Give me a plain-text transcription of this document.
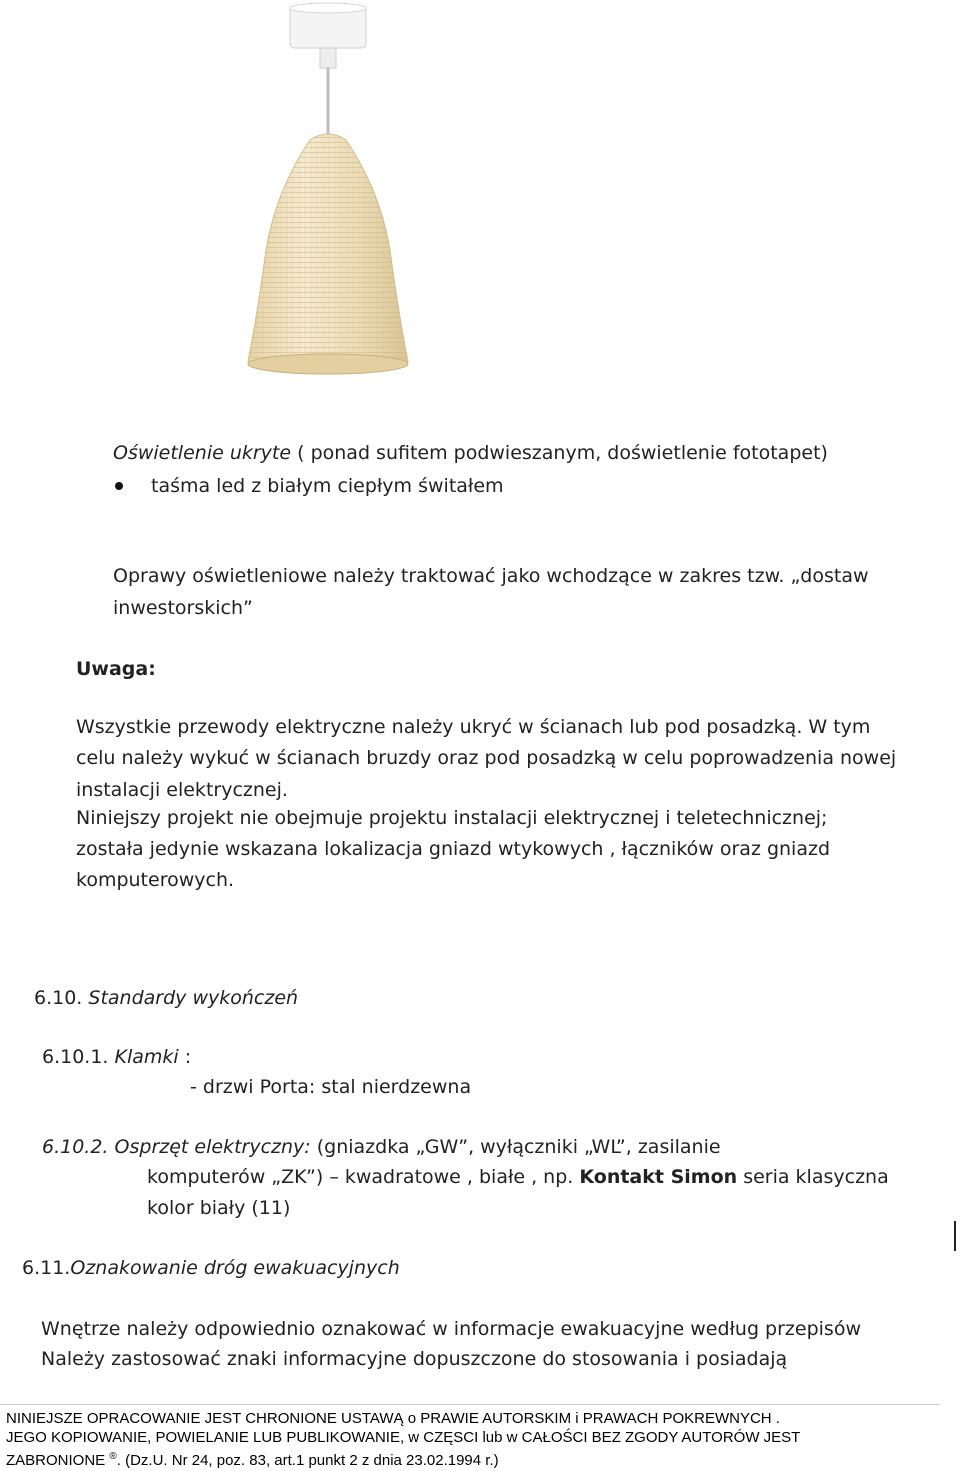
Oświetlenie ukryte ( ponad sufitem podwieszanym, doświetlenie fototapet)
taśma led z białym ciepłym świtałem
Oprawy oświetleniowe należy traktować jako wchodzące w zakres tzw. „dostaw
inwestorskich”
Uwaga:
Wszystkie przewody elektryczne należy ukryć w ścianach lub pod posadzką. W tym
celu należy wykuć w ścianach bruzdy oraz pod posadzką w celu poprowadzenia nowej
instalacji elektrycznej.
Niniejszy projekt nie obejmuje projektu instalacji elektrycznej i teletechnicznej;
została jedynie wskazana lokalizacja gniazd wtykowych , łączników oraz gniazd
komputerowych.
6.10. Standardy wykończeń
6.10.1. Klamki :
- drzwi Porta: stal nierdzewna
6.10.2. Osprzęt elektryczny: (gniazdka „GW”, wyłączniki „WL”, zasilanie
komputerów „ZK”) – kwadratowe , białe , np. Kontakt Simon seria klasyczna
kolor biały (11)
6.11.Oznakowanie dróg ewakuacyjnych
Wnętrze należy odpowiednio oznakować w informacje ewakuacyjne według przepisów
Należy zastosować znaki informacyjne dopuszczone do stosowania i posiadają
NINIEJSZE OPRACOWANIE JEST CHRONIONE USTAWĄ o PRAWIE AUTORSKIM i PRAWACH POKREWNYCH .
JEGO KOPIOWANIE, POWIELANIE LUB PUBLIKOWANIE, w CZĘSCI lub w CAŁOŚCI BEZ ZGODY AUTORÓW JEST
ZABRONIONE ®. (Dz.U. Nr 24, poz. 83, art.1 punkt 2 z dnia 23.02.1994 r.)
